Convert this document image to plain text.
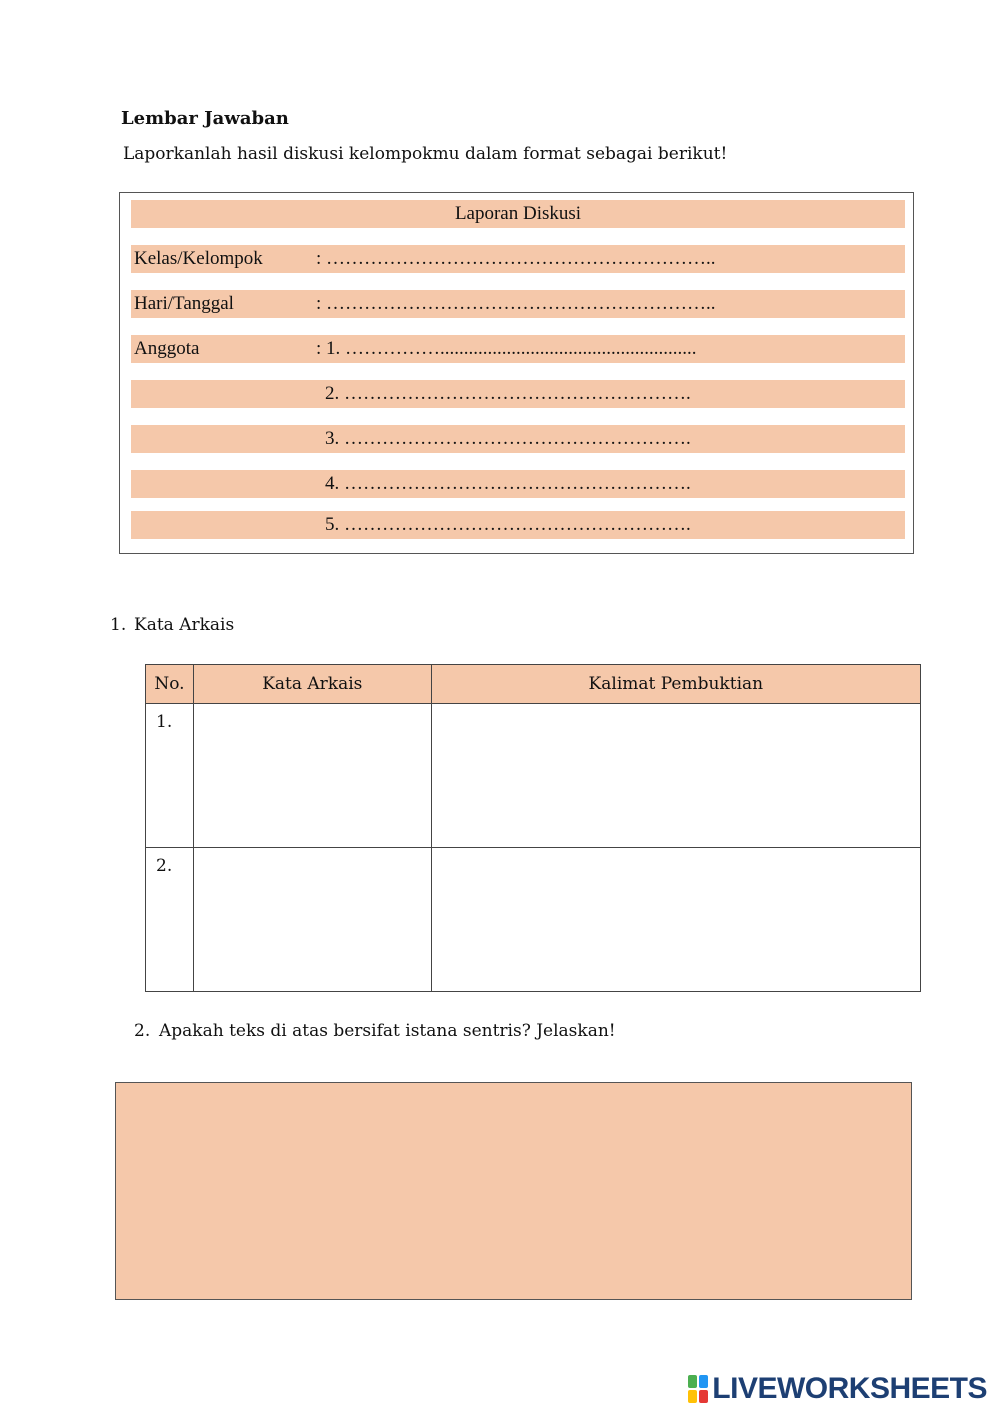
Lembar Jawaban
Laporkanlah hasil diskusi kelompokmu dalam format sebagai berikut!
Laporan Diskusi
Kelas/Kelompok	: ……………………………………………………..
Hari/Tanggal	: ……………………………………………………..
Anggota	: 1. ……………......................................................
2. ……………………………………………….
3. ……………………………………………….
4. ……………………………………………….
5. ……………………………………………….
1. Kata Arkais
No.	Kata Arkais	Kalimat Pembuktian
1.		
2.		
2. Apakah teks di atas bersifat istana sentris? Jelaskan!
LIVEWORKSHEETS
